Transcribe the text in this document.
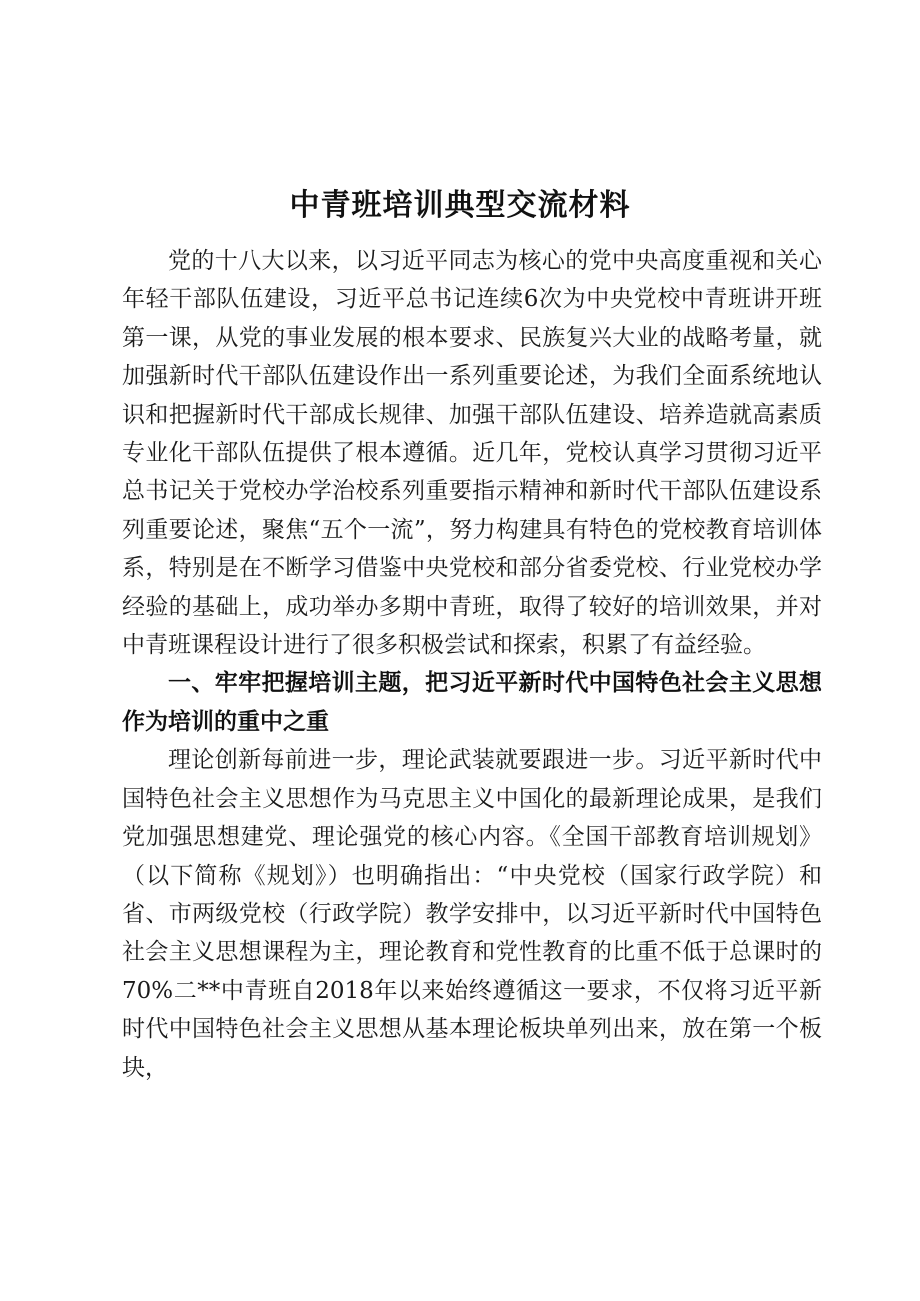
中青班培训典型交流材料

党的十八大以来，以习近平同志为核心的党中央高度重视和关心年轻干部队伍建设，习近平总书记连续6次为中央党校中青班讲开班第一课，从党的事业发展的根本要求、民族复兴大业的战略考量，就加强新时代干部队伍建设作出一系列重要论述，为我们全面系统地认识和把握新时代干部成长规律、加强干部队伍建设、培养造就高素质专业化干部队伍提供了根本遵循。近几年，党校认真学习贯彻习近平总书记关于党校办学治校系列重要指示精神和新时代干部队伍建设系列重要论述，聚焦“五个一流”，努力构建具有特色的党校教育培训体系，特别是在不断学习借鉴中央党校和部分省委党校、行业党校办学经验的基础上，成功举办多期中青班，取得了较好的培训效果，并对中青班课程设计进行了很多积极尝试和探索，积累了有益经验。

一、牢牢把握培训主题，把习近平新时代中国特色社会主义思想作为培训的重中之重

理论创新每前进一步，理论武装就要跟进一步。习近平新时代中国特色社会主义思想作为马克思主义中国化的最新理论成果，是我们党加强思想建党、理论强党的核心内容。《全国干部教育培训规划》（以下简称《规划》）也明确指出：“中央党校（国家行政学院）和省、市两级党校（行政学院）教学安排中，以习近平新时代中国特色社会主义思想课程为主，理论教育和党性教育的比重不低于总课时的70%二**中青班自2018年以来始终遵循这一要求，不仅将习近平新时代中国特色社会主义思想从基本理论板块单列出来，放在第一个板块，
